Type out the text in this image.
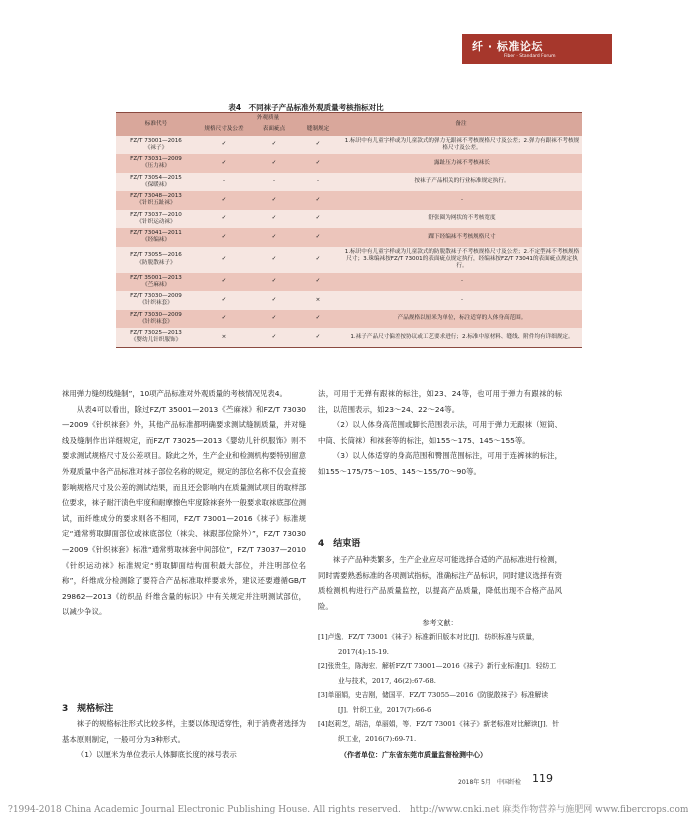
纤 · 标准论坛
Fiber · Standard Forum
表4　不同袜子产品标准外观质量考核指标对比
标准代号	外观质量			备注
	规格尺寸及公差	表面疵点	缝制规定	
FZ/T 73001—2016
《袜子》	✓	✓	✓	1.标识中有儿童字样或为儿童款式的弹力无跟袜不考核规格尺寸及公差；2.弹力有跟袜不考核规格尺寸及公差。
FZ/T 73031—2009
《压力袜》	✓	✓	✓	露趾压力袜不考核袜长
FZ/T 73054—2015
《保暖袜》	-	-	-	按袜子产品相关的行业标准规定执行。
FZ/T 73048—2013
《针织五趾袜》	✓	✓	✓	-
FZ/T 73037—2010
《针织运动袜》	✓	✓	✓	舒张圈为网状的不考核宽度
FZ/T 73041—2011
《经编袜》	✓	✓	✓	踝下经编袜不考核规格尺寸
FZ/T 73055—2016
《防脱散袜子》	✓	✓	✓	1.标识中有儿童字样或为儿童款式的防脱散袜子不考核规格尺寸及公差；2.不定型袜不考核规格尺寸；3.珠编袜按FZ/T 73001的表面疵点规定执行，经编袜按FZ/T 73041的表面疵点规定执行。
FZ/T 35001—2013
《苎麻袜》	✓	✓	✓	-
FZ/T 73030—2009
《针织袜套》	✓	✓	×	-
FZ/T 73030—2009
《针织袜套》	✓	✓	✓	产品规格以厘米为单位，标注适穿的人体身高范围。
FZ/T 73025—2013
《婴幼儿针织服饰》	×	✓	✓	1.袜子产品尺寸偏差按协议或工艺要求进行；2.标准中原材料、缝线、附件均有详细规定。

袜用弹力缝纫线缝制”，10项产品标准对外观质量的考核情况见表4。

从表4可以看出，除过FZ/T 35001—2013《苎麻袜》和FZ/T 73030—2009《针织袜套》外，其他产品标准都明确要求测试缝制质量，并对缝线及缝制作出详细规定，而FZ/T 73025—2013《婴幼儿针织服饰》则不要求测试规格尺寸及公差项目。除此之外，生产企业和检测机构要特别留意外观质量中各产品标准对袜子部位名称的规定，规定的部位名称不仅会直接影响规格尺寸及公差的测试结果，而且还会影响内在质量测试项目的取样部位要求，袜子耐汗渍色牢度和耐摩擦色牢度除袜套外一般要求取袜底部位测试，而纤维成分的要求则各不相同，FZ/T 73001—2016《袜子》标准规定“通常剪取脚面部位或袜底部位（袜尖、袜跟部位除外）”，FZ/T 73030—2009《针织袜套》标准“通常剪取袜套中间部位”，FZ/T 73037—2010《针织运动袜》标准规定“剪取脚面结构面积最大部位，并注明部位名称”，纤维成分检测除了要符合产品标准取样要求外，建议还要遵循GB/T 29862—2013《纺织品 纤维含量的标识》中有关规定并注明测试部位，以减少争议。

3　规格标注

袜子的规格标注形式比较多样，主要以体现适穿性，利于消费者选择为基本原则制定，一般可分为3种形式。

（1）以厘米为单位表示人体脚底长度的袜号表示

法，可用于无弹有跟袜的标注，如23、24等，也可用于弹力有跟袜的标注，以范围表示，如23～24、22～24等。

（2）以人体身高范围或脚长范围表示法，可用于弹力无跟袜（短筒、中筒、长筒袜）和袜套等的标注，如155～175、145～155等。

（3）以人体适穿的身高范围和臀围范围标注，可用于连裤袜的标注，如155～175/75～105、145～155/70～90等。

4　结束语

袜子产品种类繁多，生产企业应尽可能选择合适的产品标准进行检测，同时需要熟悉标准的各项测试指标，准确标注产品标识，同时建议选择有资质检测机构进行产品质量监控，以提高产品质量，降低出现不合格产品风险。

参考文献：
[1]卢逸．FZ/T 73001《袜子》标准新旧版本对比[J]．纺织标准与质量，2017(4):15-19.
[2]张贵生，陈海宏．解析FZ/T 73001—2016《袜子》新行业标准[J]．轻纺工业与技术，2017, 46(2):67-68.
[3]单丽娟，史吉刚，储国平．FZ/T 73055—2016《防脱散袜子》标准解读[J]．针织工业，2017(7):66-6
[4]赵莉芝，胡洁，单丽娟，等．FZ/T 73001《袜子》新老标准对比解读[J]．针织工业，2016(7):69-71.
（作者单位：广东省东莞市质量监督检测中心）
2018年 5月　中国纤检 119
?1994-2018 China Academic Journal Electronic Publishing House. All rights reserved.　http://www.cnki.net 麻类作物营养与施肥网 www.fibercrops.com
